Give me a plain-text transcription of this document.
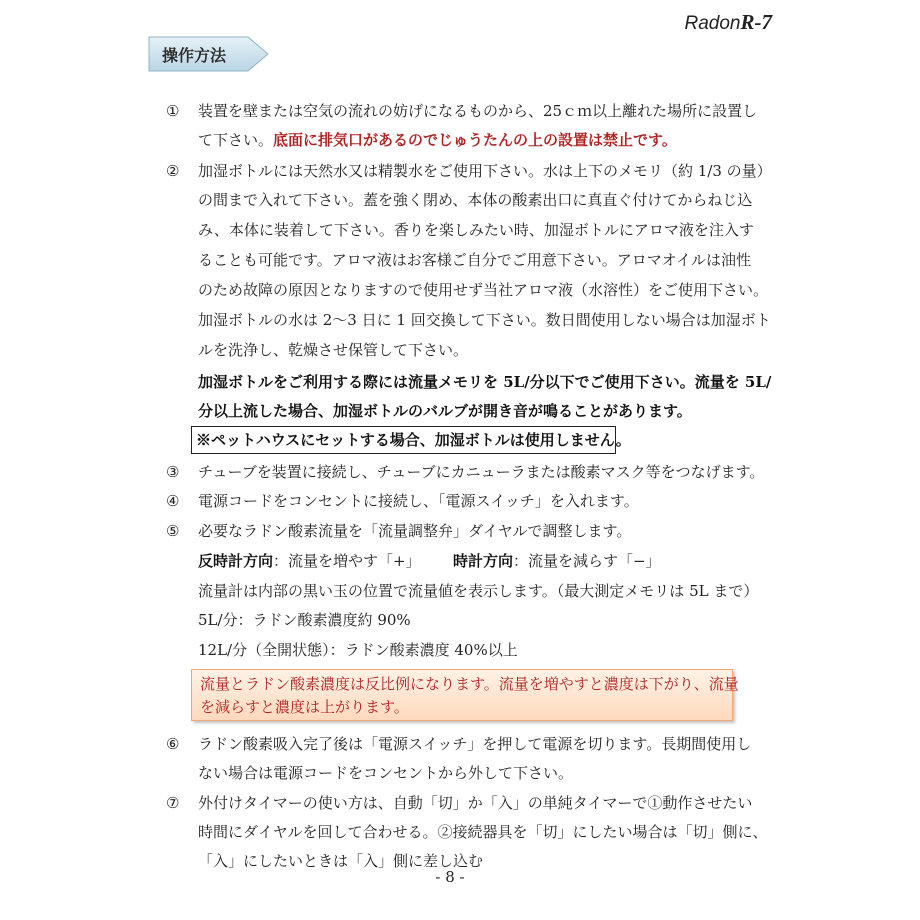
RadonR-7
操作方法
① 装置を壁または空気の流れの妨げになるものから、25ｃｍ以上離れた場所に設置し
て下さい。底面に排気口があるのでじゅうたんの上の設置は禁止です。
② 加湿ボトルには天然水又は精製水をご使用下さい。水は上下のメモリ（約 1/3 の量）
の間まで入れて下さい。蓋を強く閉め、本体の酸素出口に真直ぐ付けてからねじ込
み、本体に装着して下さい。香りを楽しみたい時、加湿ボトルにアロマ液を注入す
ることも可能です。アロマ液はお客様ご自分でご用意下さい。アロマオイルは油性
のため故障の原因となりますので使用せず当社アロマ液（水溶性）をご使用下さい。
加湿ボトルの水は 2～3 日に 1 回交換して下さい。数日間使用しない場合は加湿ボト
ルを洗浄し、乾燥させ保管して下さい。
加湿ボトルをご利用する際には流量メモリを 5L/分以下でご使用下さい。流量を 5L/
分以上流した場合、加湿ボトルのバルブが開き音が鳴ることがあります。
※ペットハウスにセットする場合、加湿ボトルは使用しません。
③ チューブを装置に接続し、チューブにカニューラまたは酸素マスク等をつなげます。
④ 電源コードをコンセントに接続し、「電源スイッチ」を入れます。
⑤ 必要なラドン酸素流量を「流量調整弁」ダイヤルで調整します。
反時計方向：流量を増やす「+」 時計方向：流量を減らす「−」
流量計は内部の黒い玉の位置で流量値を表示します。（最大測定メモリは 5L まで）
5L/分：ラドン酸素濃度約 90%
12L/分（全開状態）：ラドン酸素濃度 40%以上
流量とラドン酸素濃度は反比例になります。流量を増やすと濃度は下がり、流量
を減らすと濃度は上がります。
⑥ ラドン酸素吸入完了後は「電源スイッチ」を押して電源を切ります。長期間使用し
ない場合は電源コードをコンセントから外して下さい。
⑦ 外付けタイマーの使い方は、自動「切」か「入」の単純タイマーで①動作させたい
時間にダイヤルを回して合わせる。②接続器具を「切」にしたい場合は「切」側に、
「入」にしたいときは「入」側に差し込む
- 8 -
